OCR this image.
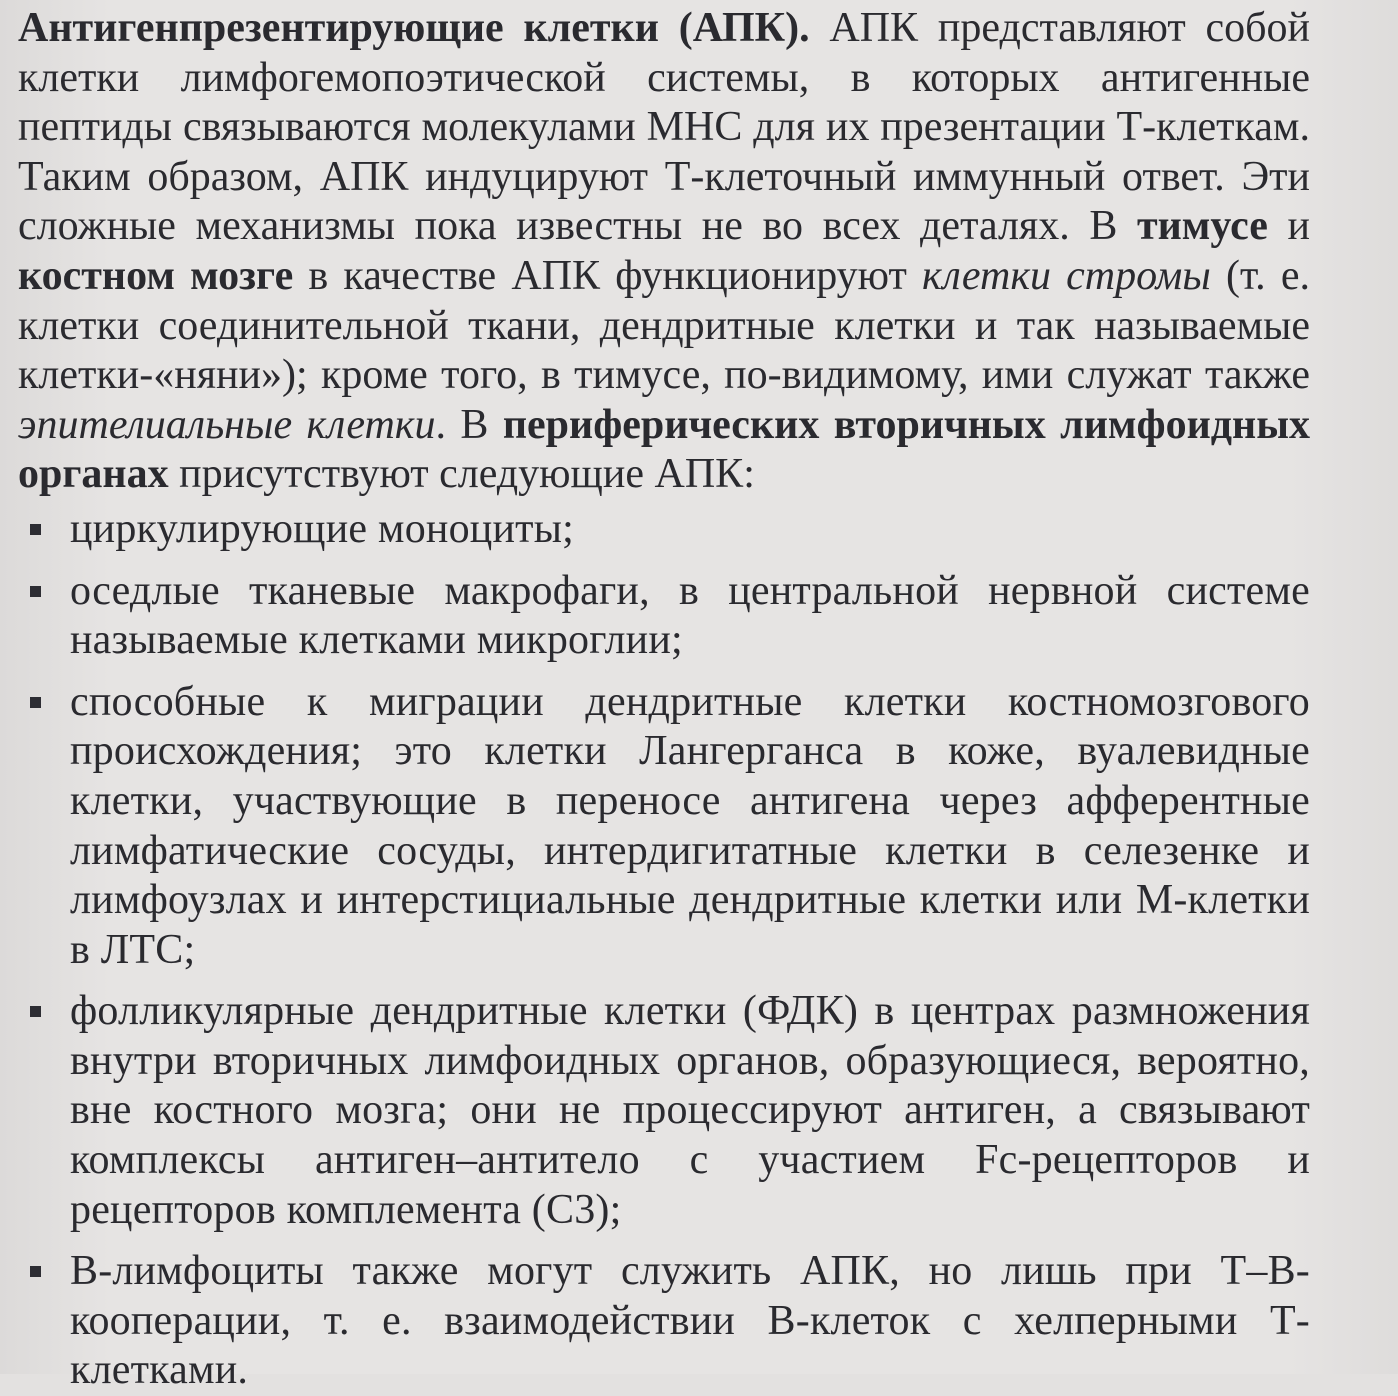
Антигенпрезентирующие клетки (АПК). АПК представляют собой клетки лимфогемопоэтической системы, в которых антигенные пептиды связываются молекулами МНС для их презентации Т-клеткам. Таким образом, АПК индуцируют Т-клеточный иммунный ответ. Эти сложные механизмы пока известны не во всех деталях. В тимусе и костном мозге в качестве АПК функционируют клетки стромы (т. е. клетки соединительной ткани, дендритные клетки и так называемые клетки-«няни»); кроме того, в тимусе, по-видимому, ими служат также эпителиальные клетки. В периферических вторичных лимфоидных органах присутствуют следующие АПК:

циркулирующие моноциты;
оседлые тканевые макрофаги, в центральной нервной системе называемые клетками микроглии;
способные к миграции дендритные клетки костномозгового происхождения; это клетки Лангерганса в коже, вуалевидные клетки, участвующие в переносе антигена через афферентные лимфатические сосуды, интердигитатные клетки в селезенке и лимфоузлах и интерстициальные дендритные клетки или М-клетки в ЛТС;
фолликулярные дендритные клетки (ФДК) в центрах размножения внутри вторичных лимфоидных органов, образующиеся, вероятно, вне костного мозга; они не процессируют антиген, а связывают комплексы антиген–антитело с участием Fc-рецепторов и рецепторов комплемента (С3);
В-лимфоциты также могут служить АПК, но лишь при Т–В-кооперации, т. е. взаимодействии В-клеток с хелперными Т-клетками.
